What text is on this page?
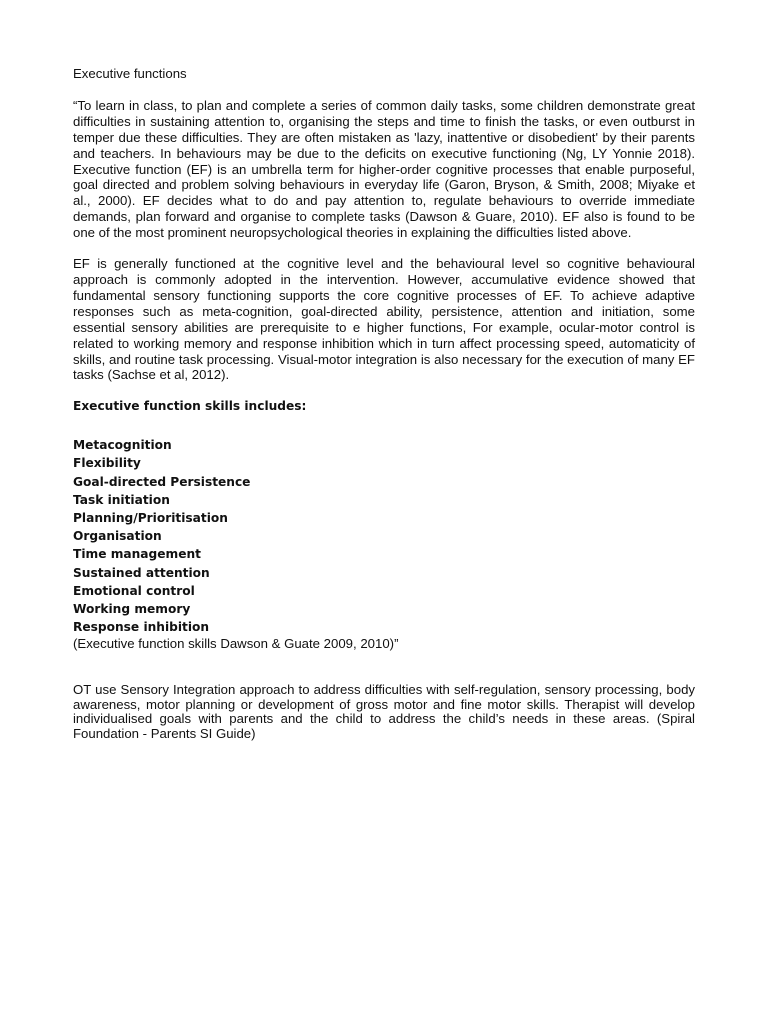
Executive functions

“To learn in class, to plan and complete a series of common daily tasks, some children demonstrate great difficulties in sustaining attention to, organising the steps and time to finish the tasks, or even outburst in temper due these difficulties. They are often mistaken as 'lazy, inattentive or disobedient' by their parents and teachers. In behaviours may be due to the deficits on executive functioning (Ng, LY Yonnie 2018). Executive function (EF) is an umbrella term for higher-order cognitive processes that enable purposeful, goal directed and problem solving behaviours in everyday life (Garon, Bryson, & Smith, 2008; Miyake et al., 2000). EF decides what to do and pay attention to, regulate behaviours to override immediate demands, plan forward and organise to complete tasks (Dawson & Guare, 2010). EF also is found to be one of the most prominent neuropsychological theories in explaining the difficulties listed above.

EF is generally functioned at the cognitive level and the behavioural level so cognitive behavioural approach is commonly adopted in the intervention. However, accumulative evidence showed that fundamental sensory functioning supports the core cognitive processes of EF. To achieve adaptive responses such as meta-cognition, goal-directed ability, persistence, attention and initiation, some essential sensory abilities are prerequisite to e higher functions, For example, ocular-motor control is related to working memory and response inhibition which in turn affect processing speed, automaticity of skills, and routine task processing. Visual-motor integration is also necessary for the execution of many EF tasks (Sachse et al, 2012).

Executive function skills includes:

Metacognition
Flexibility
Goal-directed Persistence
Task initiation
Planning/Prioritisation
Organisation
Time management
Sustained attention
Emotional control
Working memory
Response inhibition

(Executive function skills Dawson & Guate 2009, 2010)”

OT use Sensory Integration approach to address difficulties with self-regulation, sensory processing, body awareness, motor planning or development of gross motor and fine motor skills. Therapist will develop individualised goals with parents and the child to address the child’s needs in these areas. (Spiral Foundation - Parents SI Guide)
